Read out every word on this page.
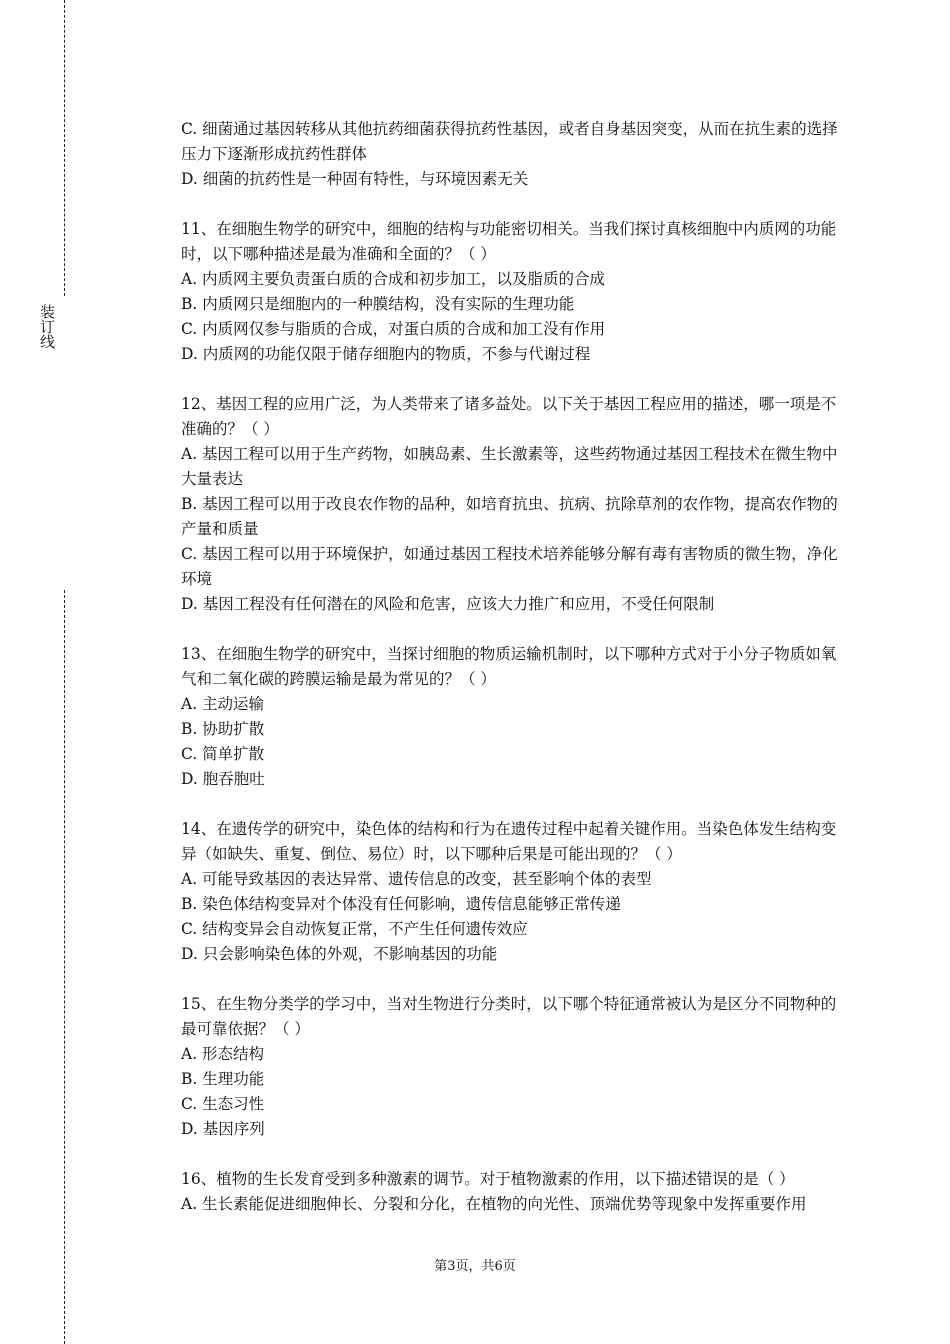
装订线

C. 细菌通过基因转移从其他抗药细菌获得抗药性基因，或者自身基因突变，从而在抗生素的选择压力下逐渐形成抗药性群体

D. 细菌的抗药性是一种固有特性，与环境因素无关

11、在细胞生物学的研究中，细胞的结构与功能密切相关。当我们探讨真核细胞中内质网的功能时，以下哪种描述是最为准确和全面的？（ ）

A. 内质网主要负责蛋白质的合成和初步加工，以及脂质的合成

B. 内质网只是细胞内的一种膜结构，没有实际的生理功能

C. 内质网仅参与脂质的合成，对蛋白质的合成和加工没有作用

D. 内质网的功能仅限于储存细胞内的物质，不参与代谢过程

12、基因工程的应用广泛，为人类带来了诸多益处。以下关于基因工程应用的描述，哪一项是不准确的？（ ）

A. 基因工程可以用于生产药物，如胰岛素、生长激素等，这些药物通过基因工程技术在微生物中大量表达

B. 基因工程可以用于改良农作物的品种，如培育抗虫、抗病、抗除草剂的农作物，提高农作物的产量和质量

C. 基因工程可以用于环境保护，如通过基因工程技术培养能够分解有毒有害物质的微生物，净化环境

D. 基因工程没有任何潜在的风险和危害，应该大力推广和应用，不受任何限制

13、在细胞生物学的研究中，当探讨细胞的物质运输机制时，以下哪种方式对于小分子物质如氧气和二氧化碳的跨膜运输是最为常见的？（ ）

A. 主动运输

B. 协助扩散

C. 简单扩散

D. 胞吞胞吐

14、在遗传学的研究中，染色体的结构和行为在遗传过程中起着关键作用。当染色体发生结构变异（如缺失、重复、倒位、易位）时，以下哪种后果是可能出现的？（ ）

A. 可能导致基因的表达异常、遗传信息的改变，甚至影响个体的表型

B. 染色体结构变异对个体没有任何影响，遗传信息能够正常传递

C. 结构变异会自动恢复正常，不产生任何遗传效应

D. 只会影响染色体的外观，不影响基因的功能

15、在生物分类学的学习中，当对生物进行分类时，以下哪个特征通常被认为是区分不同物种的最可靠依据？（ ）

A. 形态结构

B. 生理功能

C. 生态习性

D. 基因序列

16、植物的生长发育受到多种激素的调节。对于植物激素的作用，以下描述错误的是（ ）

A. 生长素能促进细胞伸长、分裂和分化，在植物的向光性、顶端优势等现象中发挥重要作用

第3页，共6页
